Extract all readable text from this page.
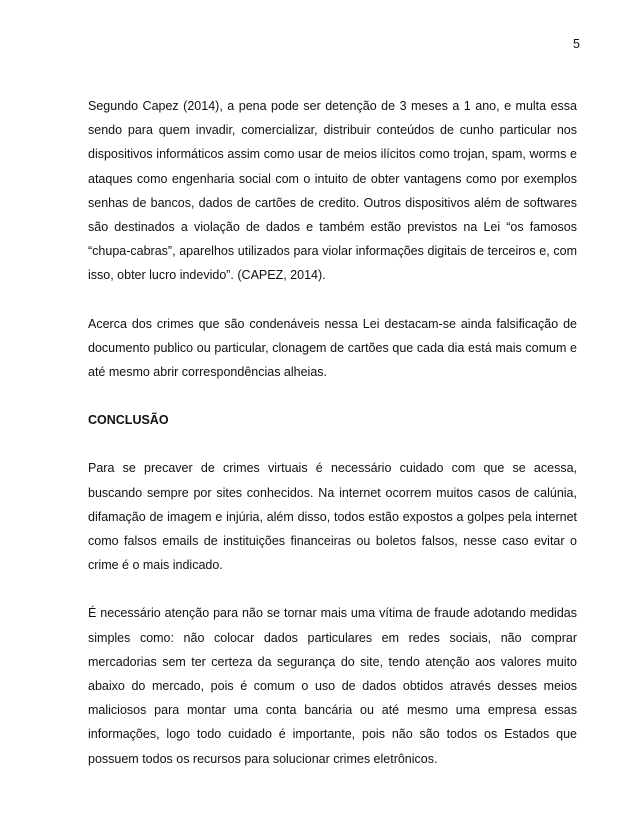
5

Segundo Capez (2014), a pena pode ser detenção de 3 meses a 1 ano, e multa essa sendo para quem invadir, comercializar, distribuir conteúdos de cunho particular nos dispositivos informáticos assim como usar de meios ilícitos como trojan, spam, worms e ataques como engenharia social com o intuito de obter vantagens como por exemplos senhas de bancos, dados de cartões de credito. Outros dispositivos além de softwares são destinados a violação de dados e também estão previstos na Lei “os famosos “chupa-cabras”, aparelhos utilizados para violar informações digitais de terceiros e, com isso, obter lucro indevido”. (CAPEZ, 2014).

Acerca dos crimes que são condenáveis nessa Lei destacam-se ainda falsificação de documento publico ou particular, clonagem de cartões que cada dia está mais comum e até mesmo abrir correspondências alheias.

CONCLUSÃO

Para se precaver de crimes virtuais é necessário cuidado com que se acessa, buscando sempre por sites conhecidos. Na internet ocorrem muitos casos de calúnia, difamação de imagem e injúria, além disso, todos estão expostos a golpes pela internet como falsos emails de instituições financeiras ou boletos falsos, nesse caso evitar o crime é o mais indicado.

É necessário atenção para não se tornar mais uma vítima de fraude adotando medidas simples como: não colocar dados particulares em redes sociais, não comprar mercadorias sem ter certeza da segurança do site, tendo atenção aos valores muito abaixo do mercado, pois é comum o uso de dados obtidos através desses meios maliciosos para montar uma conta bancária ou até mesmo uma empresa essas informações, logo todo cuidado é importante, pois não são todos os Estados que possuem todos os recursos para solucionar crimes eletrônicos.
